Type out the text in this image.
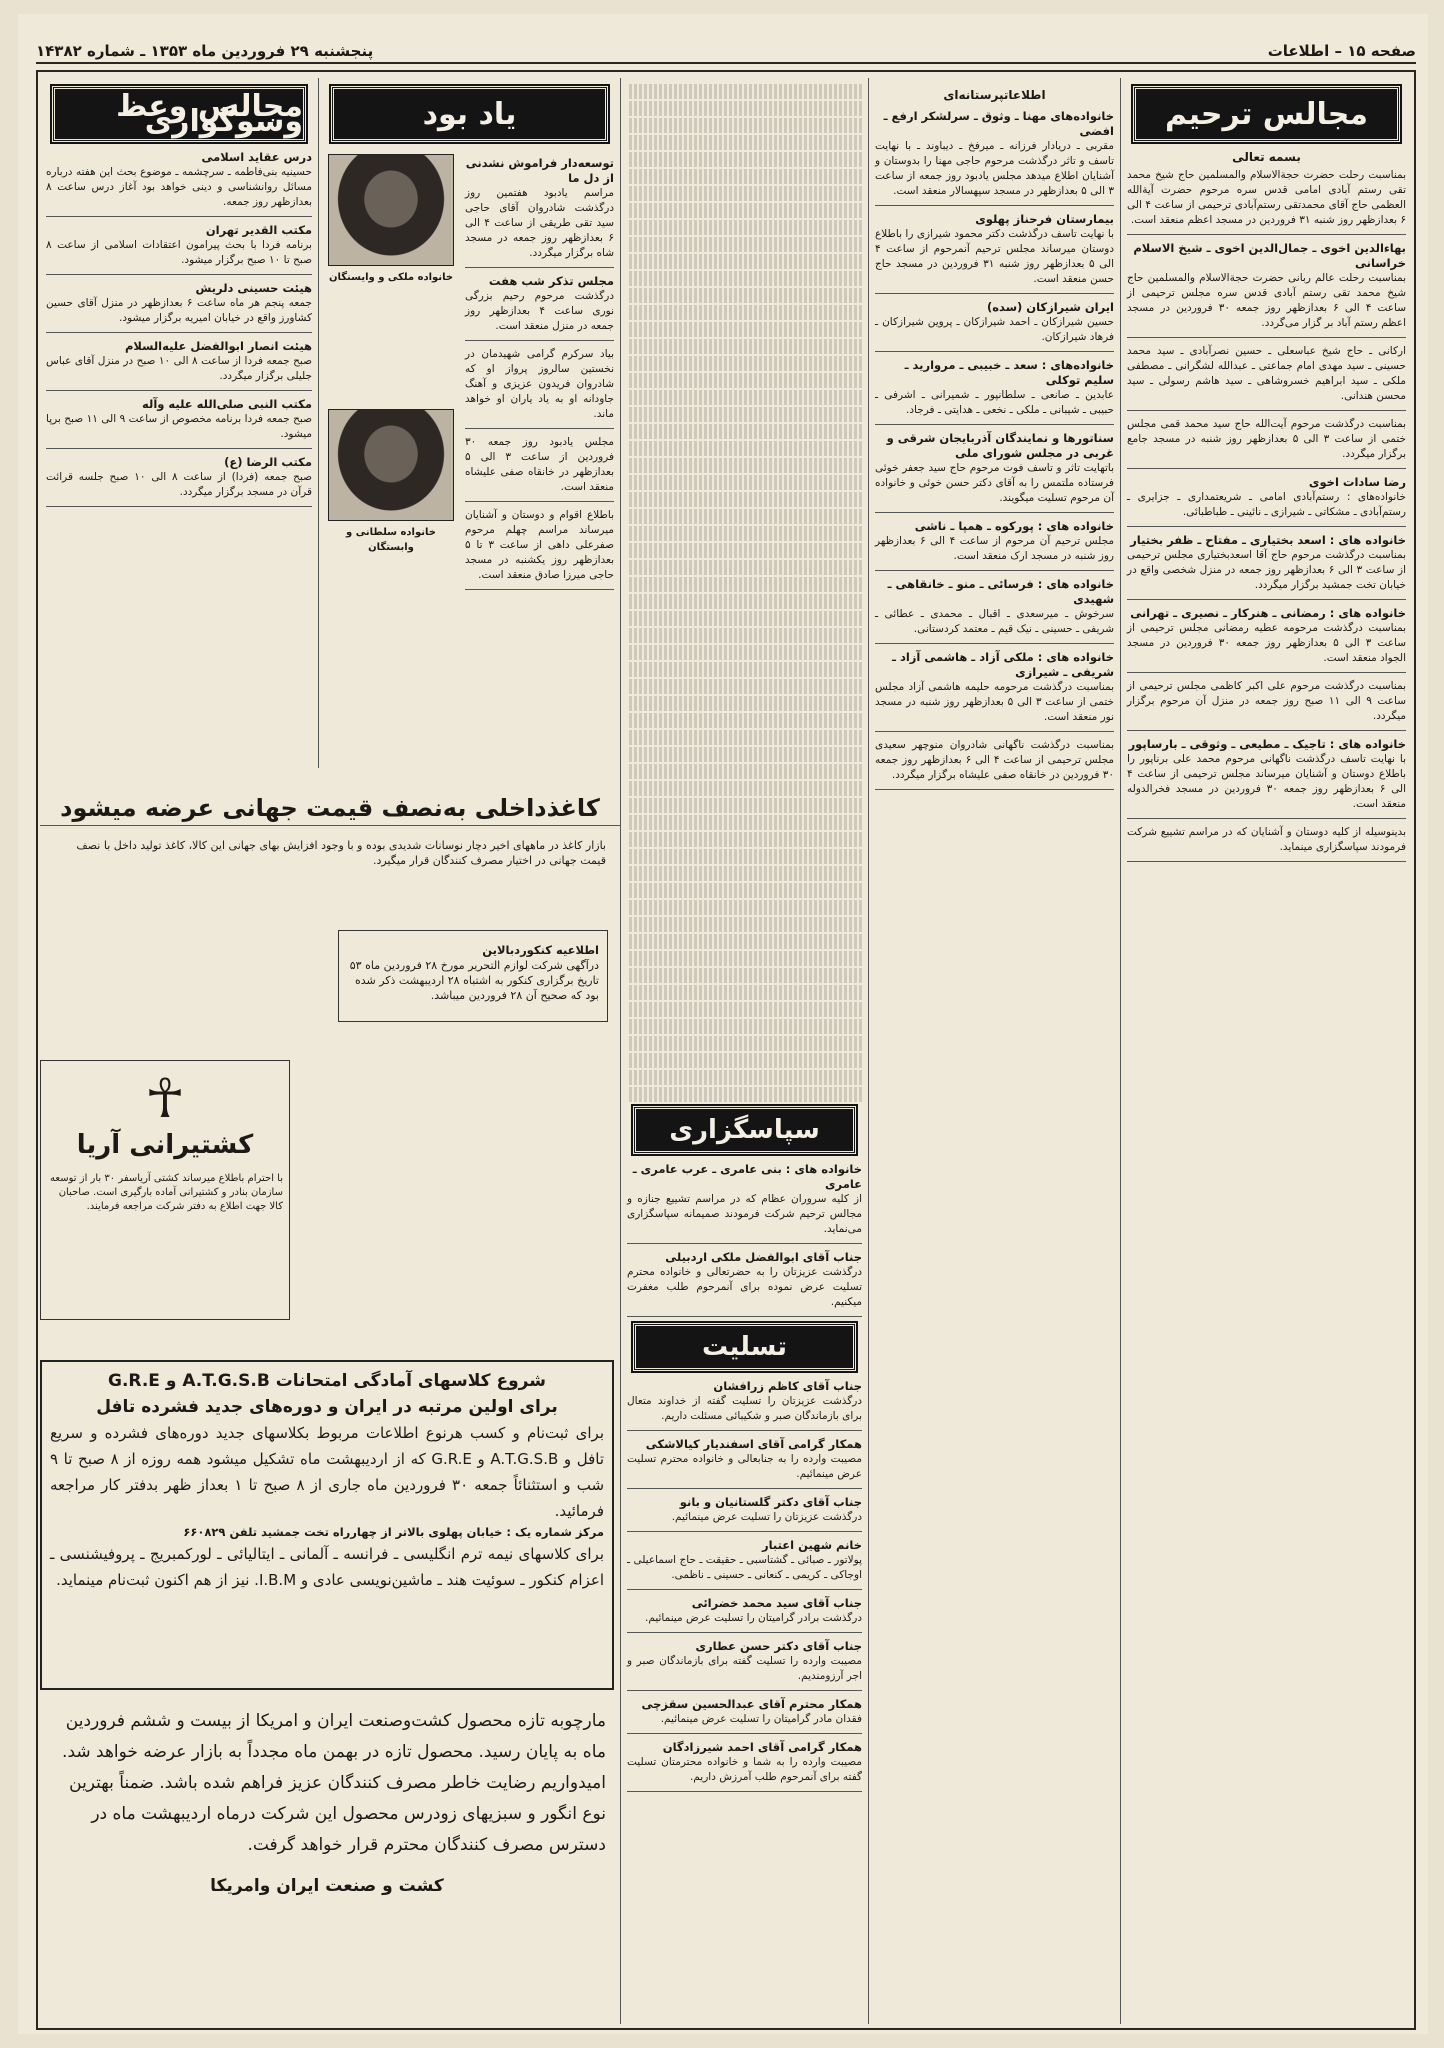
صفحه ۱۵ – اطلاعات
پنجشنبه ۲۹ فروردین ماه ۱۳۵۳ ـ شماره ۱۴۳۸۲
مجالس ترحیم
بسمه تعالی

بمناسبت رحلت حضرت حجةالاسلام والمسلمین حاج شیخ محمد تقی رستم آبادی امامی قدس سره مرحوم حضرت آیةالله العظمی حاج آقای محمدتقی رستم‌آبادی ترحیمی از ساعت ۴ الی ۶ بعدازظهر روز شنبه ۳۱ فروردین در مسجد اعظم منعقد است.

بهاءالدین اخوی ـ جمال‌الدین اخوی ـ شیخ الاسلام خراسانی

بمناسبت رحلت عالم ربانی حضرت حجةالاسلام والمسلمین حاج شیخ محمد تقی رستم آبادی قدس سره مجلس ترحیمی از ساعت ۴ الی ۶ بعدازظهر روز جمعه ۳۰ فروردین در مسجد اعظم رستم آباد بر گزار می‌گردد.

ارکانی ـ حاج شیخ عباسعلی ـ حسین نصرآبادی ـ سید محمد حسینی ـ سید مهدی امام جماعتی ـ عبدالله لشگرانی ـ مصطفی ملکی ـ سید ابراهیم خسروشاهی ـ سید هاشم رسولی ـ سید محسن هندانی.

بمناسبت درگذشت مرحوم آیت‌الله حاج سید محمد قمی مجلس ختمی از ساعت ۳ الی ۵ بعدازظهر روز شنبه در مسجد جامع برگزار میگردد.

رضا سادات اخوی

خانواده‌های : رستم‌آبادی امامی ـ شریعتمداری ـ جزایری ـ رستم‌آبادی ـ مشکاتی ـ شیرازی ـ نائینی ـ طباطبائی.

خانواده های : اسعد بختیاری ـ مفتاح ـ ظفر بختیار

بمناسبت درگذشت مرحوم حاج آقا اسعدبختیاری مجلس ترحیمی از ساعت ۳ الی ۶ بعدازظهر روز جمعه در منزل شخصی واقع در خیابان تخت جمشید برگزار میگردد.

خانواده های : رمضانی ـ هنرکار ـ نصیری ـ تهرانی

بمناسبت درگذشت مرحومه عطیه رمضانی مجلس ترحیمی از ساعت ۳ الی ۵ بعدازظهر روز جمعه ۳۰ فروردین در مسجد الجواد منعقد است.

بمناسبت درگذشت مرحوم علی اکبر کاظمی مجلس ترحیمی از ساعت ۹ الی ۱۱ صبح روز جمعه در منزل آن مرحوم برگزار میگردد.

خانواده های : تاجیک ـ مطیعی ـ وثوقی ـ بارساپور

با نهایت تاسف درگذشت ناگهانی مرحوم محمد علی برناپور را باطلاع دوستان و آشنایان میرساند مجلس ترحیمی از ساعت ۴ الی ۶ بعدازظهر روز جمعه ۳۰ فروردین در مسجد فخرالدوله منعقد است.

بدینوسیله از کلیه دوستان و آشنایان که در مراسم تشییع شرکت فرمودند سپاسگزاری مینماید.

اطلاعاتپرستانه‌ای
خانواده‌های مهنا ـ وثوق ـ سرلشکر ارفع ـ افضی

مقربی ـ دریادار فرزانه ـ میرفخ ـ دیباوند ـ با نهایت تاسف و تاثر درگذشت مرحوم حاجی مهنا را بدوستان و آشنایان اطلاع میدهد مجلس یادبود روز جمعه از ساعت ۳ الی ۵ بعدازظهر در مسجد سپهسالار منعقد است.

بیمارستان فرحناز پهلوی

با نهایت تاسف درگذشت دکتر محمود شیرازی را باطلاع دوستان میرساند مجلس ترحیم آنمرحوم از ساعت ۴ الی ۵ بعدازظهر روز شنبه ۳۱ فروردین در مسجد حاج حسن منعقد است.

ایران شیرازکان (سده)

حسین شیرازکان ـ احمد شیرازکان ـ پروین شیرازکان ـ فرهاد شیرازکان.

خانواده‌های : سعد ـ خبیبی ـ مروارید ـ سلیم توکلی

عابدین ـ صانعی ـ سلطانپور ـ شمیرانی ـ اشرفی ـ حبیبی ـ شیبانی ـ ملکی ـ نخعی ـ هدایتی ـ فرجاد.

سناتورها و نمایندگان آذربایجان شرقی و غربی در مجلس شورای ملی

باتهایت تاثر و تاسف فوت مرحوم حاج سید جعفر خوئی فرستاده ملتمس را به آقای دکتر حسن خوئی و خانواده آن مرحوم تسلیت میگویند.

خانواده های : پورکوه ـ همپا ـ ناشی

مجلس ترحیم آن مرحوم از ساعت ۴ الی ۶ بعدازظهر روز شنبه در مسجد ارک منعقد است.

خانواده های : فرسائی ـ منو ـ خانقاهی ـ شهیدی

سرخوش ـ میرسعدی ـ اقبال ـ محمدی ـ عطائی ـ شریفی ـ حسینی ـ نیک قیم ـ معتمد کردستانی.

خانواده های : ملکی آزاد ـ هاشمی آزاد ـ شریفی ـ شیرازی

بمناسبت درگذشت مرحومه حلیمه هاشمی آزاد مجلس ختمی از ساعت ۳ الی ۵ بعدازظهر روز شنبه در مسجد نور منعقد است.

بمناسبت درگذشت ناگهانی شادروان منوچهر سعیدی مجلس ترحیمی از ساعت ۴ الی ۶ بعدازظهر روز جمعه ۳۰ فروردین در خانقاه صفی علیشاه برگزار میگردد.

سپاسگزاری
خانواده های : بنی عامری ـ عرب عامری ـ عامری

از کلیه سروران عظام که در مراسم تشییع جنازه و مجالس ترحیم شرکت فرمودند صمیمانه سپاسگزاری می‌نماید.

جناب آقای ابوالفضل ملکی اردبیلی

درگذشت عزیزتان را به حضرتعالی و خانواده محترم تسلیت عرض نموده برای آنمرحوم طلب مغفرت میکنیم.

تسلیت
جناب آقای کاظم زرافشان

درگذشت عزیزتان را تسلیت گفته از خداوند متعال برای بازماندگان صبر و شکیبائی مسئلت داریم.

همکار گرامی آقای اسفندیار کیالاشکی

مصیبت وارده را به جنابعالی و خانواده محترم تسلیت عرض مینمائیم.

جناب آقای دکتر گلستانیان و بانو

درگذشت عزیزتان را تسلیت عرض مینمائیم.

خانم شهین اعتبار

پولاتور ـ صبائی ـ گشتاسبی ـ حقیقت ـ حاج اسماعیلی ـ اوجاکی ـ کریمی ـ کنعانی ـ حسینی ـ ناظمی.

جناب آقای سید محمد خضرائی

درگذشت برادر گرامیتان را تسلیت عرض مینمائیم.

جناب آقای دکتر حسن عطاری

مصیبت وارده را تسلیت گفته برای بازماندگان صبر و اجر آرزومندیم.

همکار محترم آقای عبدالحسین سقزچی

فقدان مادر گرامیتان را تسلیت عرض مینمائیم.

همکار گرامی آقای احمد شیرزادگان

مصیبت وارده را به شما و خانواده محترمتان تسلیت گفته برای آنمرحوم طلب آمرزش داریم.

یاد بود
توسعه‌دار فراموش نشدنی از دل ما

مراسم یادبود هفتمین روز درگذشت شادروان آقای حاجی سید تقی طریقی از ساعت ۴ الی ۶ بعدازظهر روز جمعه در مسجد شاه برگزار میگردد.

مجلس تذکر شب هفت

درگذشت مرحوم رحیم بزرگی نوری ساعت ۴ بعدازظهر روز جمعه در منزل منعقد است.

بیاد سرکرم گرامی شهیدمان در نخستین سالروز پرواز او که شادروان فریدون عزیزی و آهنگ جاودانه او به یاد یاران او خواهد ماند.

مجلس یادبود روز جمعه ۳۰ فروردین از ساعت ۳ الی ۵ بعدازظهر در خانقاه صفی علیشاه منعقد است.

باطلاع اقوام و دوستان و آشنایان میرساند مراسم چهلم مرحوم صفرعلی داهی از ساعت ۳ تا ۵ بعدازظهر روز یکشنبه در مسجد حاجی میرزا صادق منعقد است.

خانواده ملکی و وایسنگان
خانواده سلطانی و وابستگان
مجالس وعظ وسوگواری
درس عقاید اسلامی

حسینیه بنی‌فاطمه ـ سرچشمه ـ موضوع بحث این هفته درباره مسائل روانشناسی و دینی خواهد بود آغاز درس ساعت ۸ بعدازظهر روز جمعه.

مکتب القدیر تهران

برنامه فردا با بحث پیرامون اعتقادات اسلامی از ساعت ۸ صبح تا ۱۰ صبح برگزار میشود.

هیئت حسینی دلریش

جمعه پنجم هر ماه ساعت ۶ بعدازظهر در منزل آقای حسین کشاورز واقع در خیابان امیریه برگزار میشود.

هیئت انصار ابوالفضل علیه‌السلام

صبح جمعه فردا از ساعت ۸ الی ۱۰ صبح در منزل آقای عباس جلیلی برگزار میگردد.

مکتب النبی صلی‌الله علیه وآله

صبح جمعه فردا برنامه مخصوص از ساعت ۹ الی ۱۱ صبح برپا میشود.

مکتب الرضا (ع)

صبح جمعه (فردا) از ساعت ۸ الی ۱۰ صبح جلسه قرائت قرآن در مسجد برگزار میگردد.

کاغذداخلی به‌نصف قیمت جهانی عرضه میشود
بازار کاغذ در ماههای اخیر دچار نوسانات شدیدی بوده و با وجود افزایش بهای جهانی این کالا، کاغذ تولید داخل با نصف قیمت جهانی در اختیار مصرف کنندگان قرار میگیرد.
اطلاعیه کنکوردبالاین
درآگهی شرکت لوازم التحریر مورخ ۲۸ فروردین ماه ۵۳ تاریخ برگزاری کنکور به اشتباه ۲۸ اردیبهشت ذکر شده بود که صحیح آن ۲۸ فروردین میباشد.
☥
کشتیرانی آریا
با احترام باطلاع میرساند کشتی آریا‌سفر ۳۰ بار از توسعه سازمان بنادر و کشتیرانی آماده بارگیری است. صاحبان کالا جهت اطلاع به دفتر شرکت مراجعه فرمایند.
شروع کلاسهای آمادگی امتحانات A.T.G.S.B و G.R.E
برای اولین مرتبه در ایران و دوره‌های جدید فشرده تافل
برای ثبت‌نام و کسب هرنوع اطلاعات مربوط بکلاسهای جدید دوره‌های فشرده و سریع تافل و A.T.G.S.B و G.R.E که از اردیبهشت ماه تشکیل میشود همه روزه از ۸ صبح تا ۹ شب و استثنائاً جمعه ۳۰ فروردین ماه جاری از ۸ صبح تا ۱ بعداز ظهر بدفتر کار مراجعه فرمائید.
مرکز شماره یک : خیابان پهلوی بالاتر از چهارراه تخت جمشید تلفن ۶۶۰۸۲۹
برای کلاسهای نیمه ترم انگلیسی ـ فرانسه ـ آلمانی ـ ایتالیائی ـ لورکمبریج ـ پروفیشنسی ـ اعزام کنکور ـ سوئیت هند ـ ماشین‌نویسی عادی و I.B.M. نیز از هم اکنون ثبت‌نام مینماید.
مارچوبه تازه محصول کشت‌وصنعت ایران و امریکا از بیست و ششم فروردین ماه به پایان رسید. محصول تازه در بهمن ماه مجدداً به بازار عرضه خواهد شد. امیدواریم رضایت خاطر مصرف کنندگان عزیز فراهم شده باشد. ضمناً بهترین نوع انگور و سبزیهای زودرس محصول این شرکت درماه اردیبهشت ماه در دسترس مصرف کنندگان محترم قرار خواهد گرفت.
کشت و صنعت ایران وامریکا
